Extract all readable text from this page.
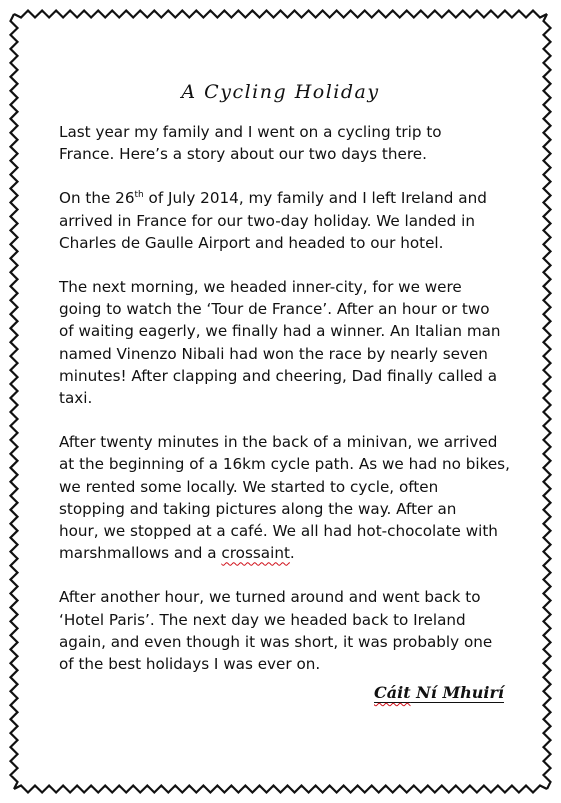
A Cycling Holiday

Last year my family and I went on a cycling trip to
France. Here’s a story about our two days there.

On the 26th of July 2014, my family and I left Ireland and
arrived in France for our two-day holiday. We landed in
Charles de Gaulle Airport and headed to our hotel.

The next morning, we headed inner-city, for we were
going to watch the ‘Tour de France’. After an hour or two
of waiting eagerly, we finally had a winner. An Italian man
named Vinenzo Nibali had won the race by nearly seven
minutes! After clapping and cheering, Dad finally called a
taxi.

After twenty minutes in the back of a minivan, we arrived
at the beginning of a 16km cycle path. As we had no bikes,
we rented some locally. We started to cycle, often
stopping and taking pictures along the way. After an
hour, we stopped at a café. We all had hot-chocolate with
marshmallows and a crossaint.

After another hour, we turned around and went back to
‘Hotel Paris’. The next day we headed back to Ireland
again, and even though it was short, it was probably one
of the best holidays I was ever on.

Cáit Ní Mhuirí
